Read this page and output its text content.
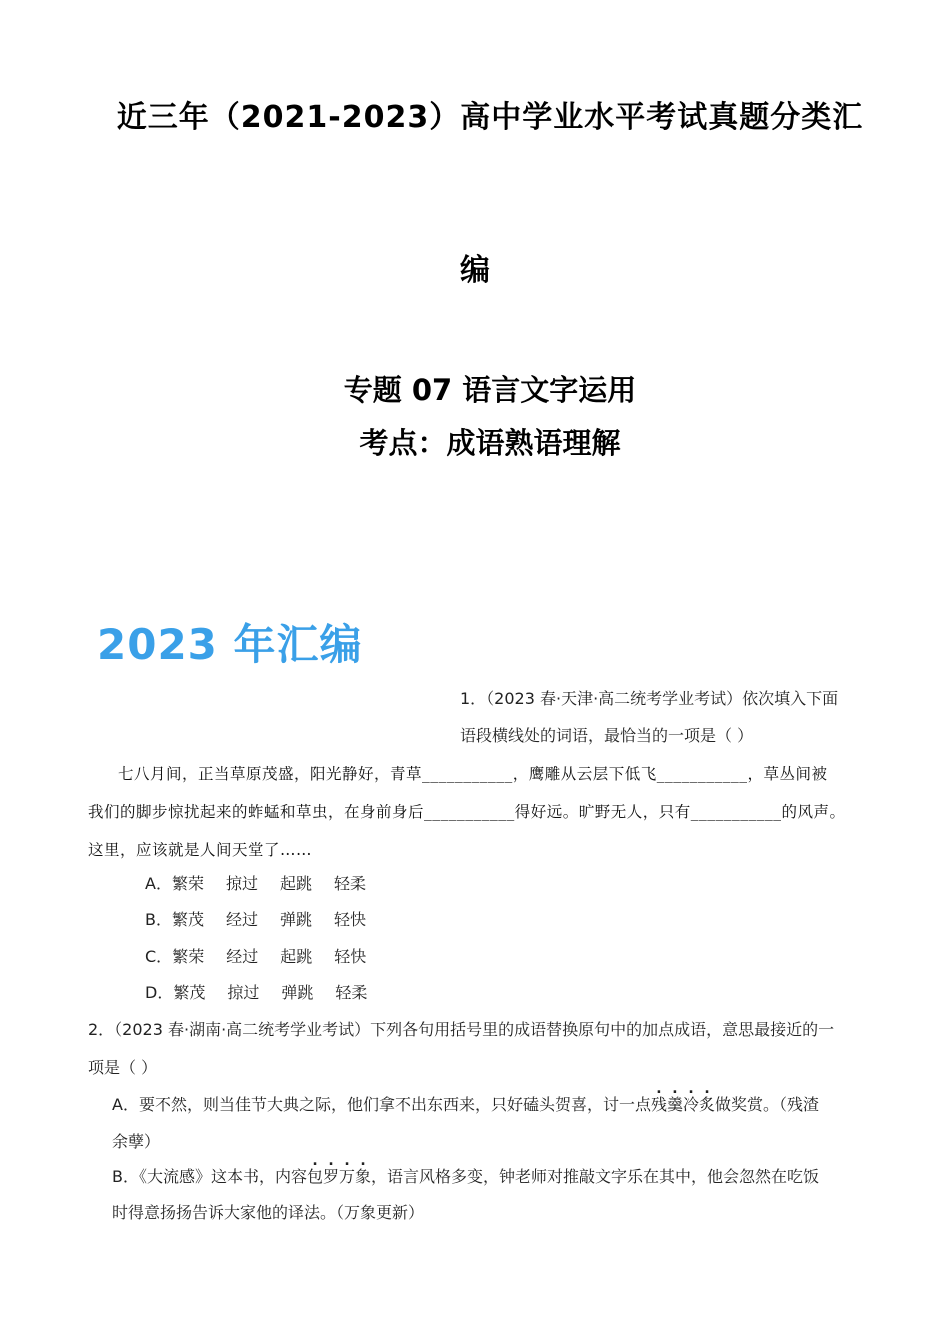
近三年（2021-2023）高中学业水平考试真题分类汇
编
专题 07 语言文字运用
考点：成语熟语理解
2023 年汇编
1．（2023 春·天津·高二统考学业考试）依次填入下面
语段横线处的词语，最恰当的一项是（ ）
七八月间，正当草原茂盛，阳光静好，青草___________，鹰雕从云层下低飞___________，草丛间被
我们的脚步惊扰起来的蚱蜢和草虫，在身前身后___________得好远。旷野无人，只有___________的风声。
这里，应该就是人间天堂了……
A．繁荣 掠过 起跳 轻柔
B．繁茂 经过 弹跳 轻快
C．繁荣 经过 起跳 轻快
D．繁茂 掠过 弹跳 轻柔
2．（2023 春·湖南·高二统考学业考试）下列各句用括号里的成语替换原句中的加点成语，意思最接近的一
项是（ ）
A．要不然，则当佳节大典之际，他们拿不出东西来，只好磕头贺喜，讨一点残羹冷炙做奖赏。（残渣
余孽）
B．《大流感》这本书，内容包罗万象，语言风格多变，钟老师对推敲文字乐在其中，他会忽然在吃饭
时得意扬扬告诉大家他的译法。（万象更新）
